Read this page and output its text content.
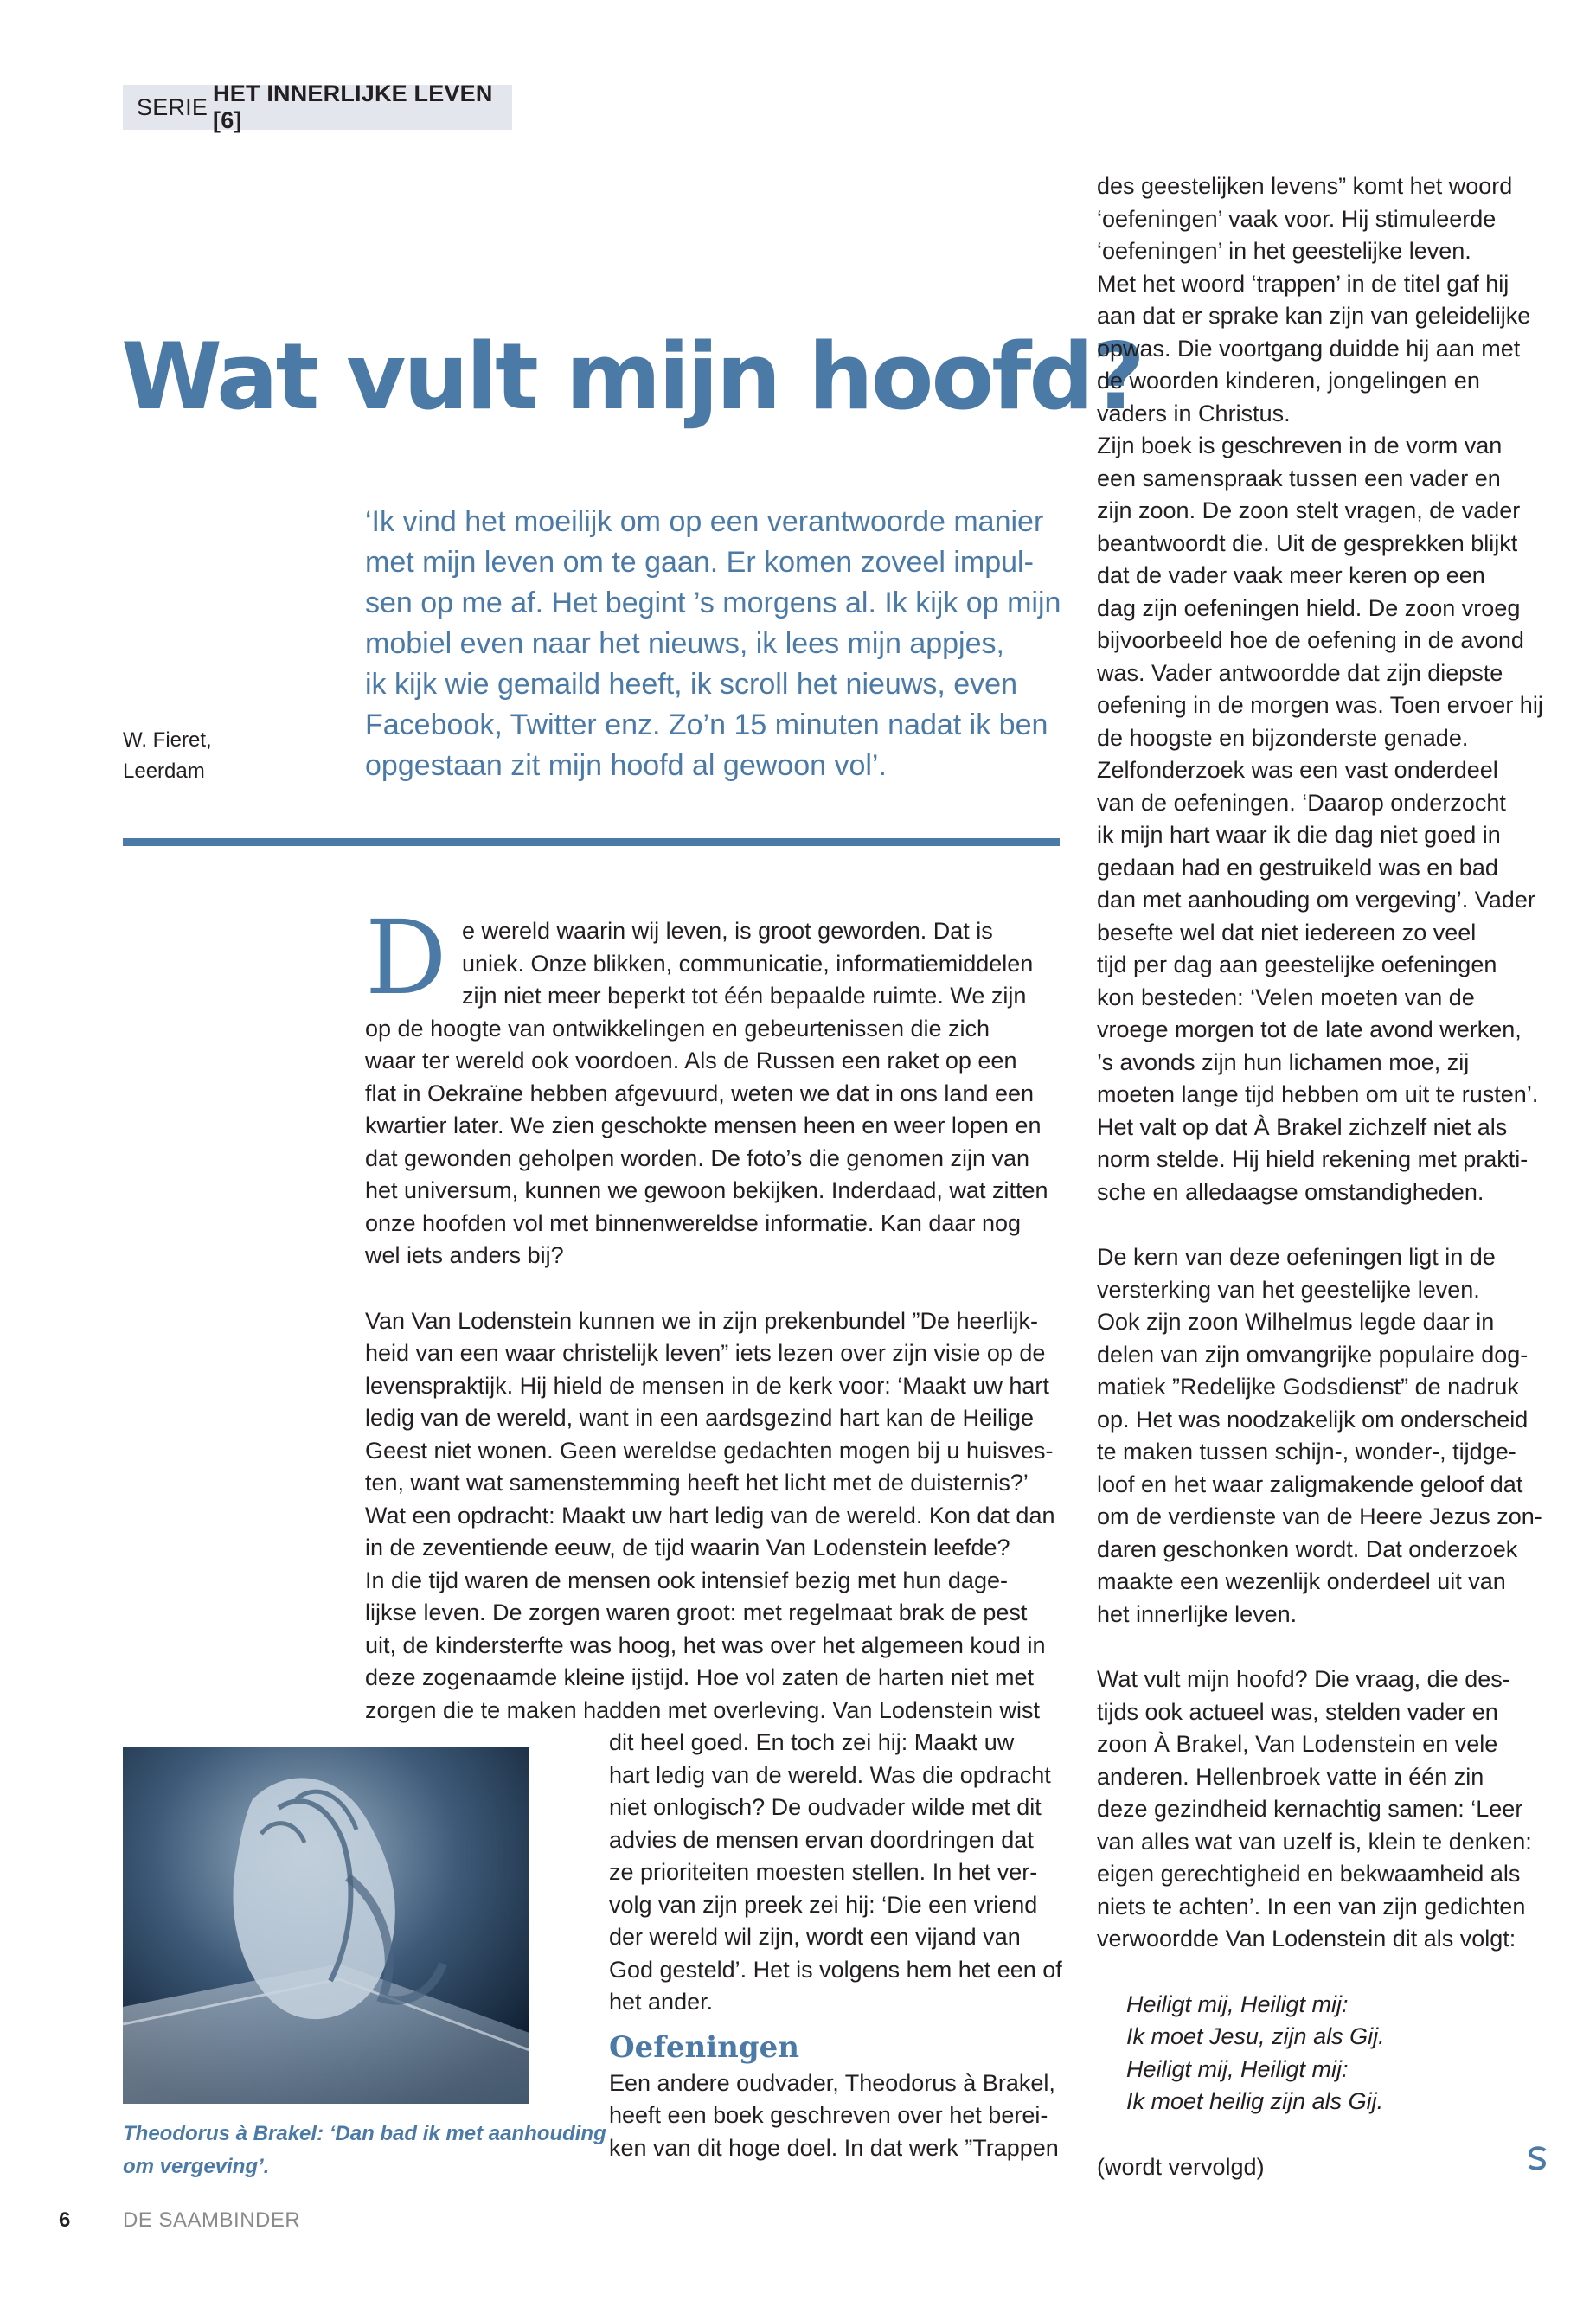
SERIE
HET INNERLIJKE LEVEN [6]
Wat vult mijn hoofd?
W. Fieret,
Leerdam

‘Ik vind het moeilijk om op een verantwoorde manier

met mijn leven om te gaan. Er komen zoveel impul-

sen op me af. Het begint ’s morgens al. Ik kijk op mijn

mobiel even naar het nieuws, ik lees mijn appjes,

ik kijk wie gemaild heeft, ik scroll het nieuws, even

Facebook, Twitter enz. Zo’n 15 minuten nadat ik ben

opgestaan zit mijn hoofd al gewoon vol’.

D e wereld waarin wij leven, is groot geworden. Dat is

uniek. Onze blikken, communicatie, informatiemiddelen

zijn niet meer beperkt tot één bepaalde ruimte. We zijn

op de hoogte van ontwikkelingen en gebeurtenissen die zich

waar ter wereld ook voordoen. Als de Russen een raket op een

flat in Oekraïne hebben afgevuurd, weten we dat in ons land een

kwartier later. We zien geschokte mensen heen en weer lopen en

dat gewonden geholpen worden. De foto’s die genomen zijn van

het universum, kunnen we gewoon bekijken. Inderdaad, wat zitten

onze hoofden vol met binnenwereldse informatie. Kan daar nog

wel iets anders bij?

Van Van Lodenstein kunnen we in zijn prekenbundel ”De heerlijk-

heid van een waar christelijk leven” iets lezen over zijn visie op de

levenspraktijk. Hij hield de mensen in de kerk voor: ‘Maakt uw hart

ledig van de wereld, want in een aardsgezind hart kan de Heilige

Geest niet wonen. Geen wereldse gedachten mogen bij u huisves-

ten, want wat samenstemming heeft het licht met de duisternis?’

Wat een opdracht: Maakt uw hart ledig van de wereld. Kon dat dan

in de zeventiende eeuw, de tijd waarin Van Lodenstein leefde?

In die tijd waren de mensen ook intensief bezig met hun dage-

lijkse leven. De zorgen waren groot: met regelmaat brak de pest

uit, de kindersterfte was hoog, het was over het algemeen koud in

deze zogenaamde kleine ijstijd. Hoe vol zaten de harten niet met

zorgen die te maken hadden met overleving. Van Lodenstein wist

dit heel goed. En toch zei hij: Maakt uw

hart ledig van de wereld. Was die opdracht

niet onlogisch? De oudvader wilde met dit

advies de mensen ervan doordringen dat

ze prioriteiten moesten stellen. In het ver-

volg van zijn preek zei hij: ‘Die een vriend

der wereld wil zijn, wordt een vijand van

God gesteld’. Het is volgens hem het een of

het ander.

Oefeningen

Een andere oudvader, Theodorus à Brakel,

heeft een boek geschreven over het berei-

ken van dit hoge doel. In dat werk ”Trappen

des geestelijken levens” komt het woord

‘oefeningen’ vaak voor. Hij stimuleerde

‘oefeningen’ in het geestelijke leven.

Met het woord ‘trappen’ in de titel gaf hij

aan dat er sprake kan zijn van geleidelijke

opwas. Die voortgang duidde hij aan met

de woorden kinderen, jongelingen en

vaders in Christus.

Zijn boek is geschreven in de vorm van

een samenspraak tussen een vader en

zijn zoon. De zoon stelt vragen, de vader

beantwoordt die. Uit de gesprekken blijkt

dat de vader vaak meer keren op een

dag zijn oefeningen hield. De zoon vroeg

bijvoorbeeld hoe de oefening in de avond

was. Vader antwoordde dat zijn diepste

oefening in de morgen was. Toen ervoer hij

de hoogste en bijzonderste genade.

Zelfonderzoek was een vast onderdeel

van de oefeningen. ‘Daarop onderzocht

ik mijn hart waar ik die dag niet goed in

gedaan had en gestruikeld was en bad

dan met aanhouding om vergeving’. Vader

besefte wel dat niet iedereen zo veel

tijd per dag aan geestelijke oefeningen

kon besteden: ‘Velen moeten van de

vroege morgen tot de late avond werken,

’s avonds zijn hun lichamen moe, zij

moeten lange tijd hebben om uit te rusten’.

Het valt op dat À Brakel zichzelf niet als

norm stelde. Hij hield rekening met prakti-

sche en alledaagse omstandigheden.

De kern van deze oefeningen ligt in de

versterking van het geestelijke leven.

Ook zijn zoon Wilhelmus legde daar in

delen van zijn omvangrijke populaire dog-

matiek ”Redelijke Godsdienst” de nadruk

op. Het was noodzakelijk om onderscheid

te maken tussen schijn-, wonder-, tijdge-

loof en het waar zaligmakende geloof dat

om de verdienste van de Heere Jezus zon-

daren geschonken wordt. Dat onderzoek

maakte een wezenlijk onderdeel uit van

het innerlijke leven.

Wat vult mijn hoofd? Die vraag, die des-

tijds ook actueel was, stelden vader en

zoon À Brakel, Van Lodenstein en vele

anderen. Hellenbroek vatte in één zin

deze gezindheid kernachtig samen: ‘Leer

van alles wat van uzelf is, klein te denken:

eigen gerechtigheid en bekwaamheid als

niets te achten’. In een van zijn gedichten

verwoordde Van Lodenstein dit als volgt:

Heiligt mij, Heiligt mij:

Ik moet Jesu, zijn als Gij.

Heiligt mij, Heiligt mij:

Ik moet heilig zijn als Gij.

(wordt vervolgd)

Theodorus à Brakel: ‘Dan bad ik met aanhouding

om vergeving’.

6	DE SAAMBINDER
